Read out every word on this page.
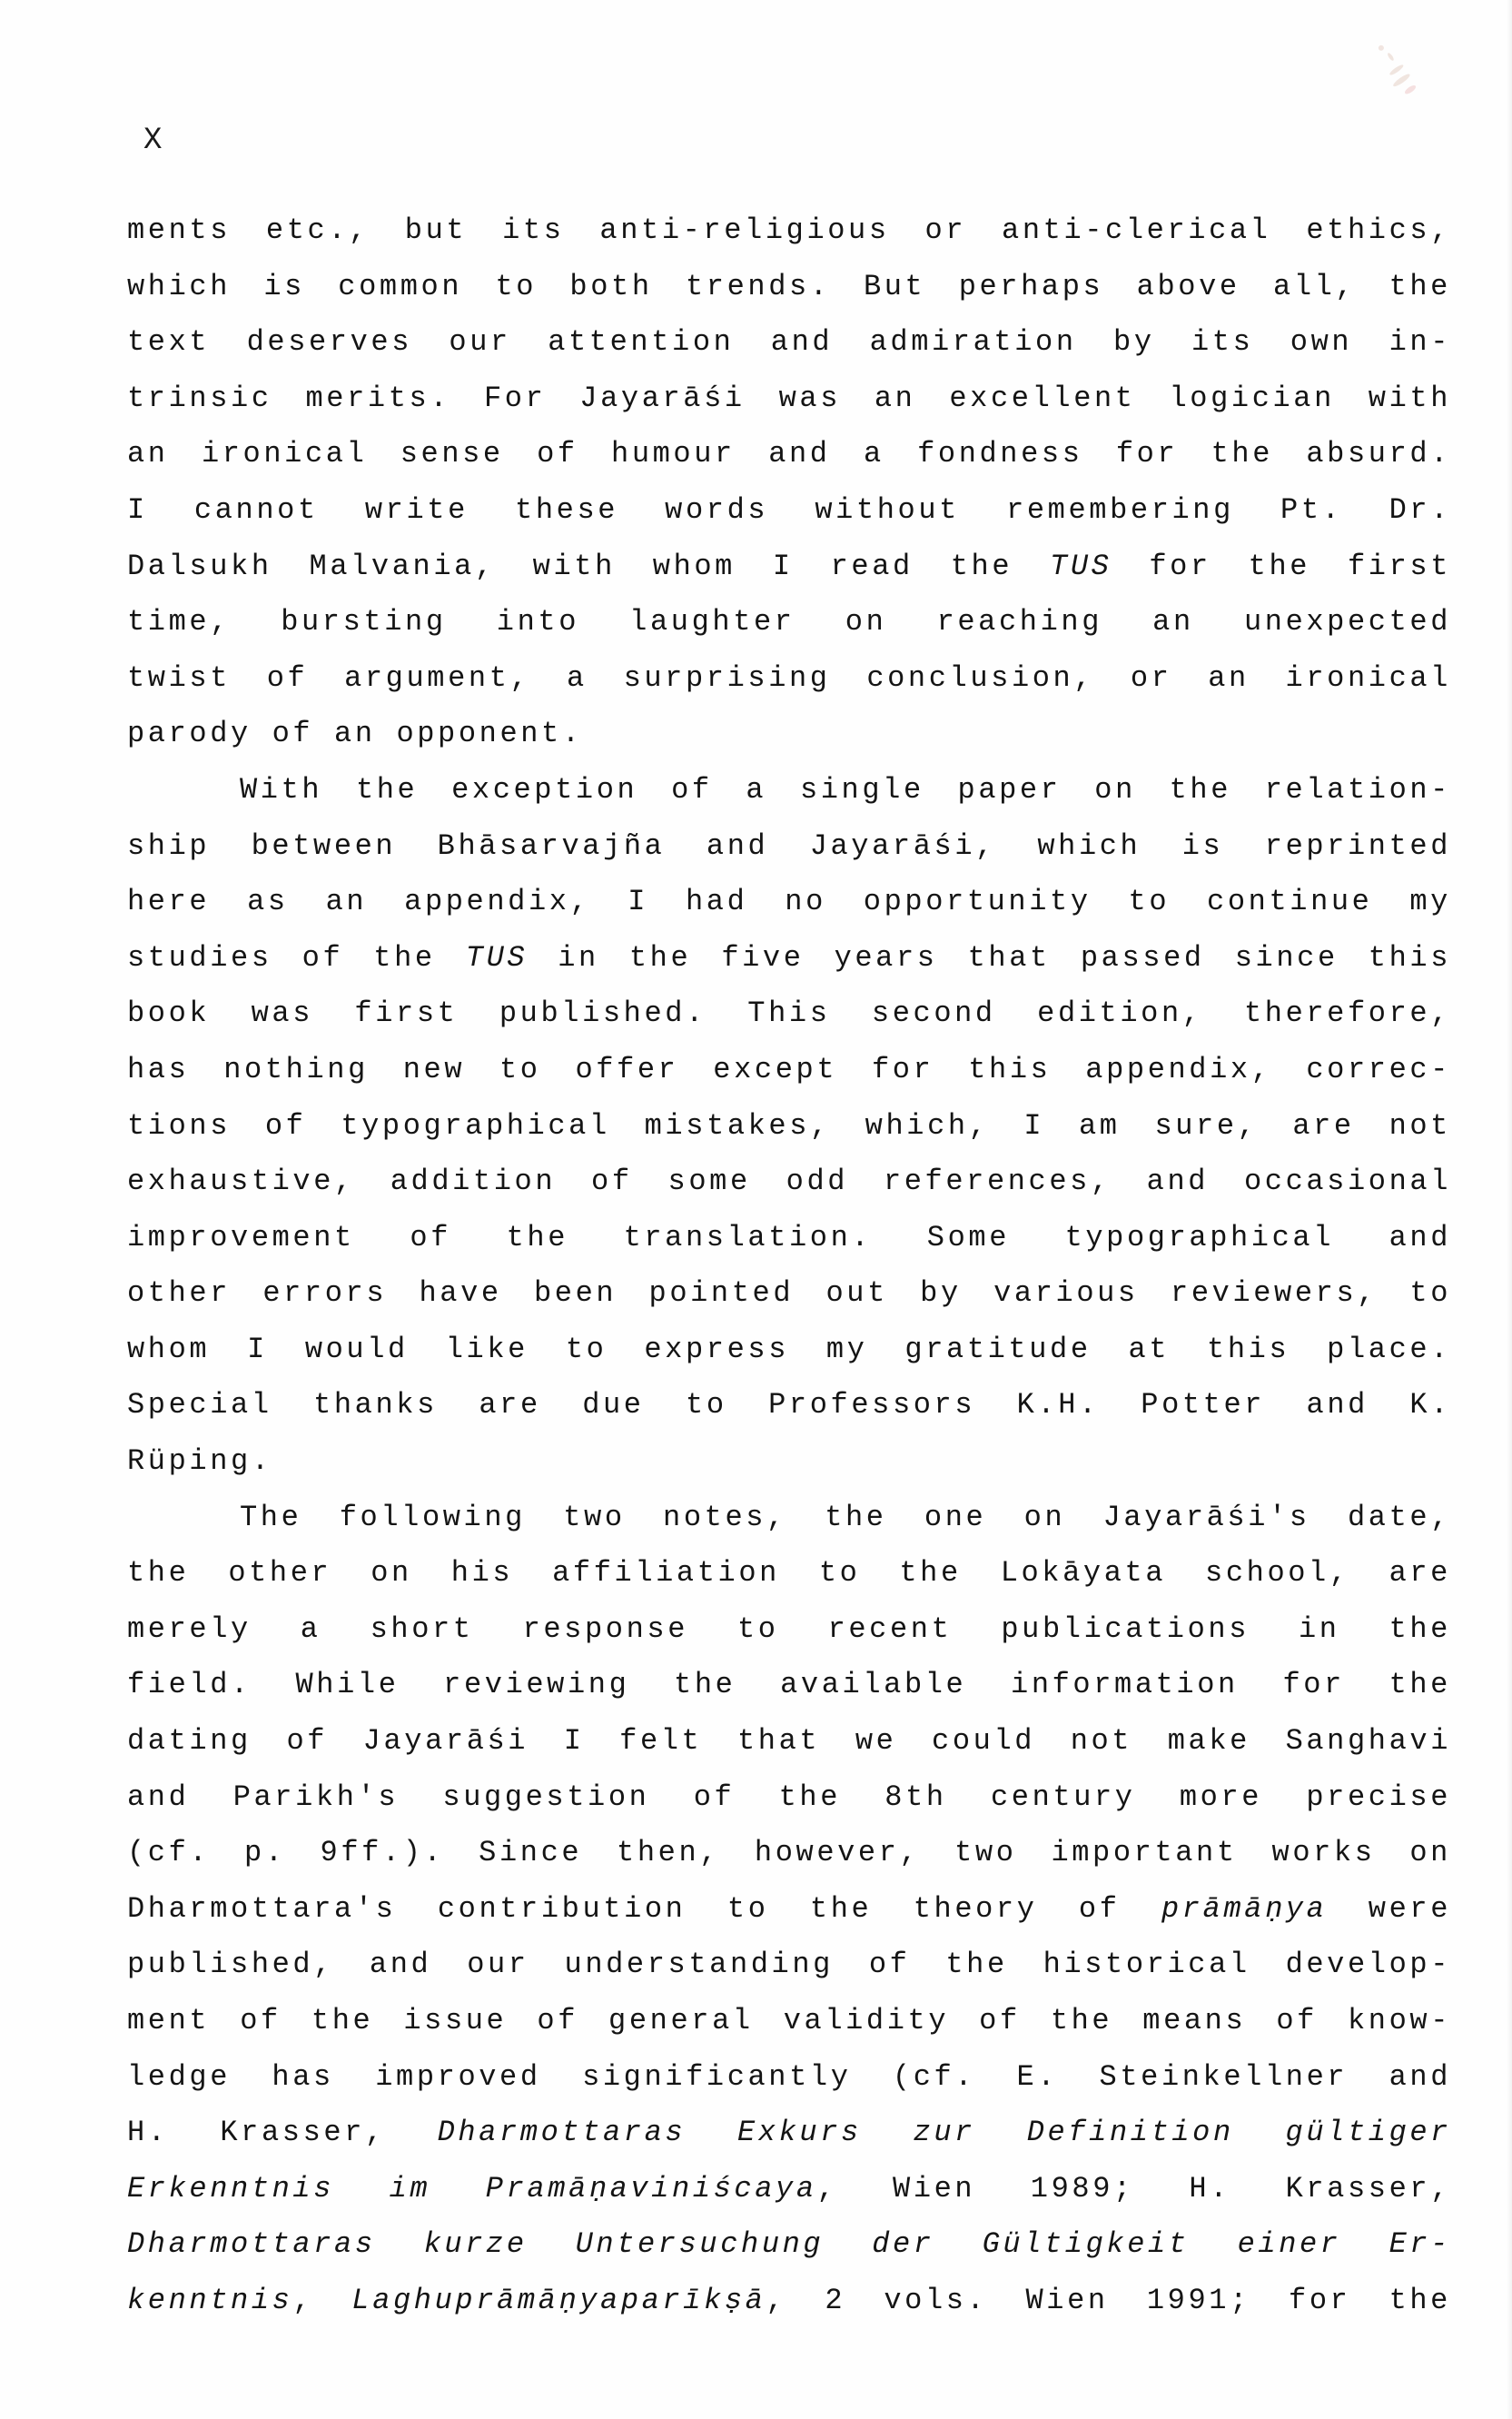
X
ments etc., but its anti-religious or anti-clerical ethics,
which is common to both trends. But perhaps above all, the
text deserves our attention and admiration by its own in-
trinsic merits. For Jayarāśi was an excellent logician with
an ironical sense of humour and a fondness for the absurd.
I cannot write these words without remembering Pt. Dr.
Dalsukh Malvania, with whom I read the TUS for the first
time, bursting into laughter on reaching an unexpected
twist of argument, a surprising conclusion, or an ironical
parody of an opponent.
With the exception of a single paper on the relation-
ship between Bhāsarvajña and Jayarāśi, which is reprinted
here as an appendix, I had no opportunity to continue my
studies of the TUS in the five years that passed since this
book was first published. This second edition, therefore,
has nothing new to offer except for this appendix, correc-
tions of typographical mistakes, which, I am sure, are not
exhaustive, addition of some odd references, and occasional
improvement of the translation. Some typographical and
other errors have been pointed out by various reviewers, to
whom I would like to express my gratitude at this place.
Special thanks are due to Professors K.H. Potter and K.
Rüping.
The following two notes, the one on Jayarāśi's date,
the other on his affiliation to the Lokāyata school, are
merely a short response to recent publications in the
field. While reviewing the available information for the
dating of Jayarāśi I felt that we could not make Sanghavi
and Parikh's suggestion of the 8th century more precise
(cf. p. 9ff.). Since then, however, two important works on
Dharmottara's contribution to the theory of prāmāṇya were
published, and our understanding of the historical develop-
ment of the issue of general validity of the means of know-
ledge has improved significantly (cf. E. Steinkellner and
H. Krasser, Dharmottaras Exkurs zur Definition gültiger
Erkenntnis im Pramāṇaviniścaya, Wien 1989; H. Krasser,
Dharmottaras kurze Untersuchung der Gültigkeit einer Er-
kenntnis, Laghuprāmāṇyaparīkṣā, 2 vols. Wien 1991; for the
